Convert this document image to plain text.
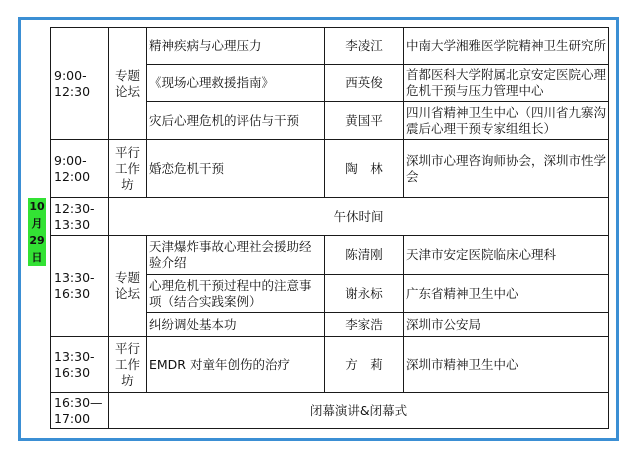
10
月
29
日
9:00-12:30	专题论坛	精神疾病与心理压力	李凌江	中南大学湘雅医学院精神卫生研究所
		《现场心理救援指南》	西英俊	首都医科大学附属北京安定医院心理危机干预与压力管理中心
		灾后心理危机的评估与干预	黄国平	四川省精神卫生中心（四川省九寨沟震后心理干预专家组组长）
9:00-12:00	平行工作坊	婚恋危机干预	陶　林	深圳市心理咨询师协会，深圳市性学会
12:30-13:30	午休时间			
13:30-16:30	专题论坛	天津爆炸事故心理社会援助经验介绍	陈清刚	天津市安定医院临床心理科
		心理危机干预过程中的注意事项（结合实践案例）	谢永标	广东省精神卫生中心
		纠纷调处基本功	李家浩	深圳市公安局
13:30-16:30	平行工作坊	EMDR 对童年创伤的治疗	方　莉	深圳市精神卫生中心
16:30—17:00	闭幕演讲&闭幕式			
